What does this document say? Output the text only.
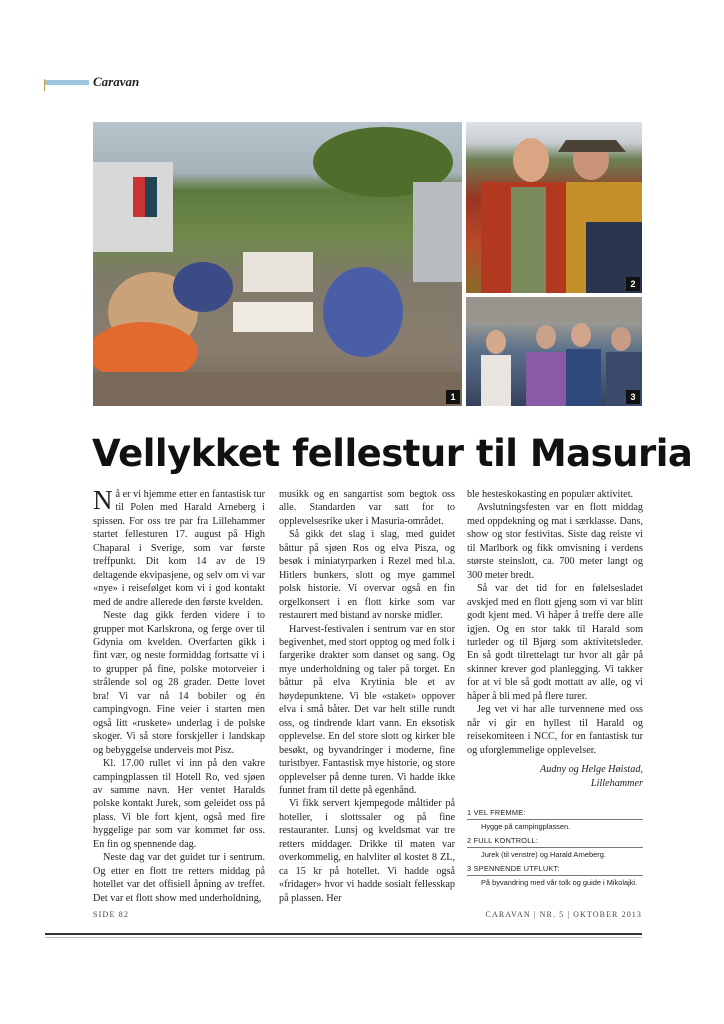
Caravan
1
2
3
Vellykket fellestur til Masuria

Nå er vi hjemme etter en fantastisk tur til Polen med Harald Arneberg i spissen. For oss tre par fra Lillehammer startet fellesturen 17. august på High Chaparal i Sverige, som var første treffpunkt. Dit kom 14 av de 19 deltagende ekvipasjene, og selv om vi var «nye» i reisefølget kom vi i god kontakt med de andre allerede den første kvelden.

Neste dag gikk ferden videre i to grupper mot Karlskrona, og ferge over til Gdynia om kvelden. Overfarten gikk i fint vær, og neste formiddag fortsatte vi i to grupper på fine, polske motorveier i strålende sol og 28 grader. Dette lovet bra! Vi var nå 14 bobiler og én campingvogn. Fine veier i starten men også litt «ruskete» underlag i de polske skoger. Vi så store forskjeller i landskap og bebyggelse underveis mot Pisz.

Kl. 17.00 rullet vi inn på den vakre campingplassen til Hotell Ro, ved sjøen av samme navn. Her ventet Haralds polske kontakt Jurek, som geleidet oss på plass. Vi ble fort kjent, også med fire hyggelige par som var kommet før oss. En fin og spennende dag.

Neste dag var det guidet tur i sentrum. Og etter en flott tre retters middag på hotellet var det offisiell åpning av treffet. Det var et flott show med underholdning,

musikk og en sangartist som begtok oss alle. Standarden var satt for to opplevelsesrike uker i Masuria-området.

Så gikk det slag i slag, med guidet båttur på sjøen Ros og elva Pisza, og besøk i miniatyrparken i Rezel med bl.a. Hitlers bunkers, slott og mye gammel polsk historie. Vi overvar også en fin orgelkonsert i en flott kirke som var restaurert med bistand av norske midler.

Harvest-festivalen i sentrum var en stor begivenhet, med stort opptog og med folk i fargerike drakter som danset og sang. Og mye underholdning og taler på torget. En båttur på elva Krytinia ble et av høydepunktene. Vi ble «staket» oppover elva i små båter. Det var helt stille rundt oss, og tindrende klart vann. En eksotisk opplevelse. En del store slott og kirker ble besøkt, og byvandringer i moderne, fine turistbyer. Fantastisk mye historie, og store opplevelser på denne turen. Vi hadde ikke funnet fram til dette på egenhånd.

Vi fikk servert kjempegode måltider på hoteller, i slottssaler og på fine restauranter. Lunsj og kveldsmat var tre retters middager. Drikke til maten var overkommelig, en halvliter øl kostet 8 ZL, ca 15 kr på hotellet. Vi hadde også «fridager» hvor vi hadde sosialt fellesskap på plassen. Her

ble hesteskokasting en populær aktivitet.

Avslutningsfesten var en flott middag med oppdekning og mat i særklasse. Dans, show og stor festivitas. Siste dag reiste vi til Marlbork og fikk omvisning i verdens største steinslott, ca. 700 meter langt og 300 meter bredt.

Så var det tid for en følelsesladet avskjed med en flott gjeng som vi var blitt godt kjent med. Vi håper å treffe dere alle igjen. Og en stor takk til Harald som turleder og til Bjørg som aktivitetsleder. En så godt tilrettelagt tur hvor alt går på skinner krever god planlegging. Vi takker for at vi ble så godt mottatt av alle, og vi håper å bli med på flere turer.

Jeg vet vi har alle turvennene med oss når vi gir en hyllest til Harald og reisekomiteen i NCC, for en fantastisk tur og uforglemmelige opplevelser.

Audny og Helge Høistad,
Lillehammer
1 VEL FREMME:
Hygge på campingplassen.
2 FULL KONTROLL:
Jurek (til venstre) og Harald Arneberg.
3 SPENNENDE UTFLUKT:
På byvandring med vår tolk og guide i Mikolajki.
SIDE 82	CARAVAN | NR. 5 | OKTOBER 2013
